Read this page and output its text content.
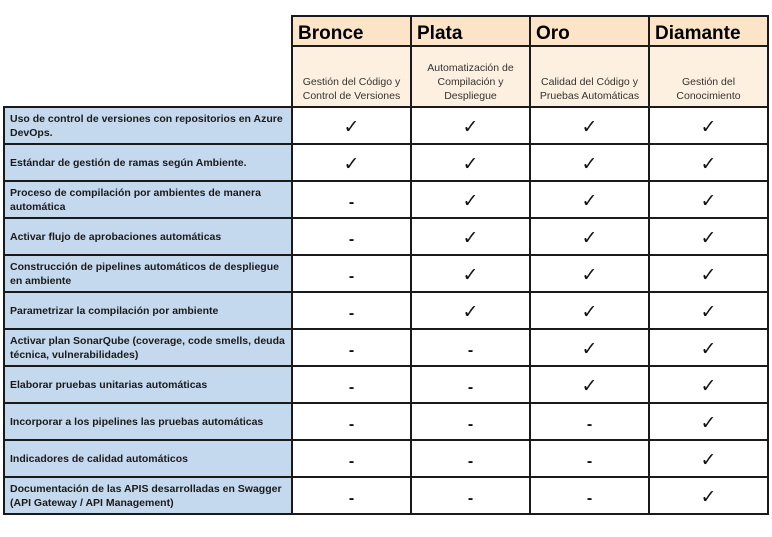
	Bronce	Plata	Oro	Diamante
	Gestión del Código y Control de Versiones	Automatización de Compilación y Despliegue	Calidad del Código y Pruebas Automáticas	Gestión del Conocimiento
Uso de control de versiones con repositorios en Azure DevOps.	✓	✓	✓	✓
Estándar de gestión de ramas según Ambiente.	✓	✓	✓	✓
Proceso de compilación por ambientes de manera automática	-	✓	✓	✓
Activar flujo de aprobaciones automáticas	-	✓	✓	✓
Construcción de pipelines automáticos de despliegue en ambiente	-	✓	✓	✓
Parametrizar la compilación por ambiente	-	✓	✓	✓
Activar plan SonarQube (coverage, code smells, deuda técnica, vulnerabilidades)	-	-	✓	✓
Elaborar pruebas unitarias automáticas	-	-	✓	✓
Incorporar a los pipelines las pruebas automáticas	-	-	-	✓
Indicadores de calidad automáticos	-	-	-	✓
Documentación de las APIS desarrolladas en Swagger (API Gateway / API Management)	-	-	-	✓
